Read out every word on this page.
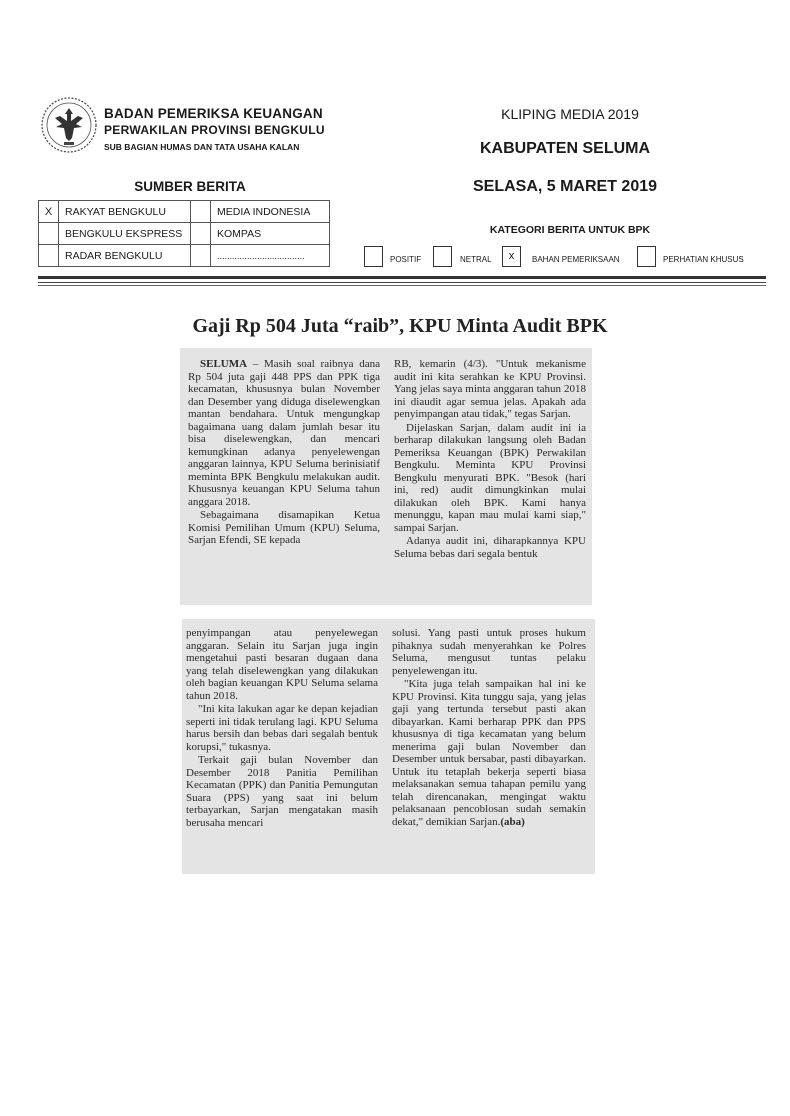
BADAN PEMERIKSA KEUANGAN
PERWAKILAN PROVINSI BENGKULU
SUB BAGIAN HUMAS DAN TATA USAHA KALAN
KLIPING MEDIA 2019
KABUPATEN SELUMA
SELASA, 5 MARET 2019
SUMBER BERITA
X	RAKYAT BENGKULU		MEDIA INDONESIA
	BENGKULU EKSPRESS		KOMPAS
	RADAR BENGKULU		...................................
KATEGORI BERITA UNTUK BPK
POSITIF	NETRAL	x	BAHAN PEMERIKSAAN	PERHATIAN KHUSUS
Gaji Rp 504 Juta “raib”, KPU Minta Audit BPK

SELUMA – Masih soal raibnya dana Rp 504 juta gaji 448 PPS dan PPK tiga kecamatan, khususnya bulan November dan Desember yang diduga diselewengkan mantan bendahara. Untuk mengungkap bagaimana uang dalam jumlah besar itu bisa diselewengkan, dan mencari kemungkinan adanya penyelewengan anggaran lainnya, KPU Seluma berinisiatif meminta BPK Bengkulu melakukan audit. Khususnya keuangan KPU Seluma tahun anggara 2018.

Sebagaimana disamapikan Ketua Komisi Pemilihan Umum (KPU) Seluma, Sarjan Efendi, SE kepada

RB, kemarin (4/3). "Untuk mekanisme audit ini kita serahkan ke KPU Provinsi. Yang jelas saya minta anggaran tahun 2018 ini diaudit agar semua jelas. Apakah ada penyimpangan atau tidak," tegas Sarjan.

Dijelaskan Sarjan, dalam audit ini ia berharap dilakukan langsung oleh Badan Pemeriksa Keuangan (BPK) Perwakilan Bengkulu. Meminta KPU Provinsi Bengkulu menyurati BPK. "Besok (hari ini, red) audit dimungkinkan mulai dilakukan oleh BPK. Kami hanya menunggu, kapan mau mulai kami siap," sampai Sarjan.

Adanya audit ini, diharapkannya KPU Seluma bebas dari segala bentuk

penyimpangan atau penyelewegan anggaran. Selain itu Sarjan juga ingin mengetahui pasti besaran dugaan dana yang telah diselewengkan yang dilakukan oleh bagian keuangan KPU Seluma selama tahun 2018.

"Ini kita lakukan agar ke depan kejadian seperti ini tidak terulang lagi. KPU Seluma harus bersih dan bebas dari segalah bentuk korupsi," tukasnya.

Terkait gaji bulan November dan Desember 2018 Panitia Pemilihan Kecamatan (PPK) dan Panitia Pemungutan Suara (PPS) yang saat ini belum terbayarkan, Sarjan mengatakan masih berusaha mencari

solusi. Yang pasti untuk proses hukum pihaknya sudah menyerahkan ke Polres Seluma, mengusut tuntas pelaku penyelewengan itu.

"Kita juga telah sampaikan hal ini ke KPU Provinsi. Kita tunggu saja, yang jelas gaji yang tertunda tersebut pasti akan dibayarkan. Kami berharap PPK dan PPS khususnya di tiga kecamatan yang belum menerima gaji bulan November dan Desember untuk bersabar, pasti dibayarkan. Untuk itu tetaplah bekerja seperti biasa melaksanakan semua tahapan pemilu yang telah direncanakan, mengingat waktu pelaksanaan pencoblosan sudah semakin dekat," demikian Sarjan.(aba)
